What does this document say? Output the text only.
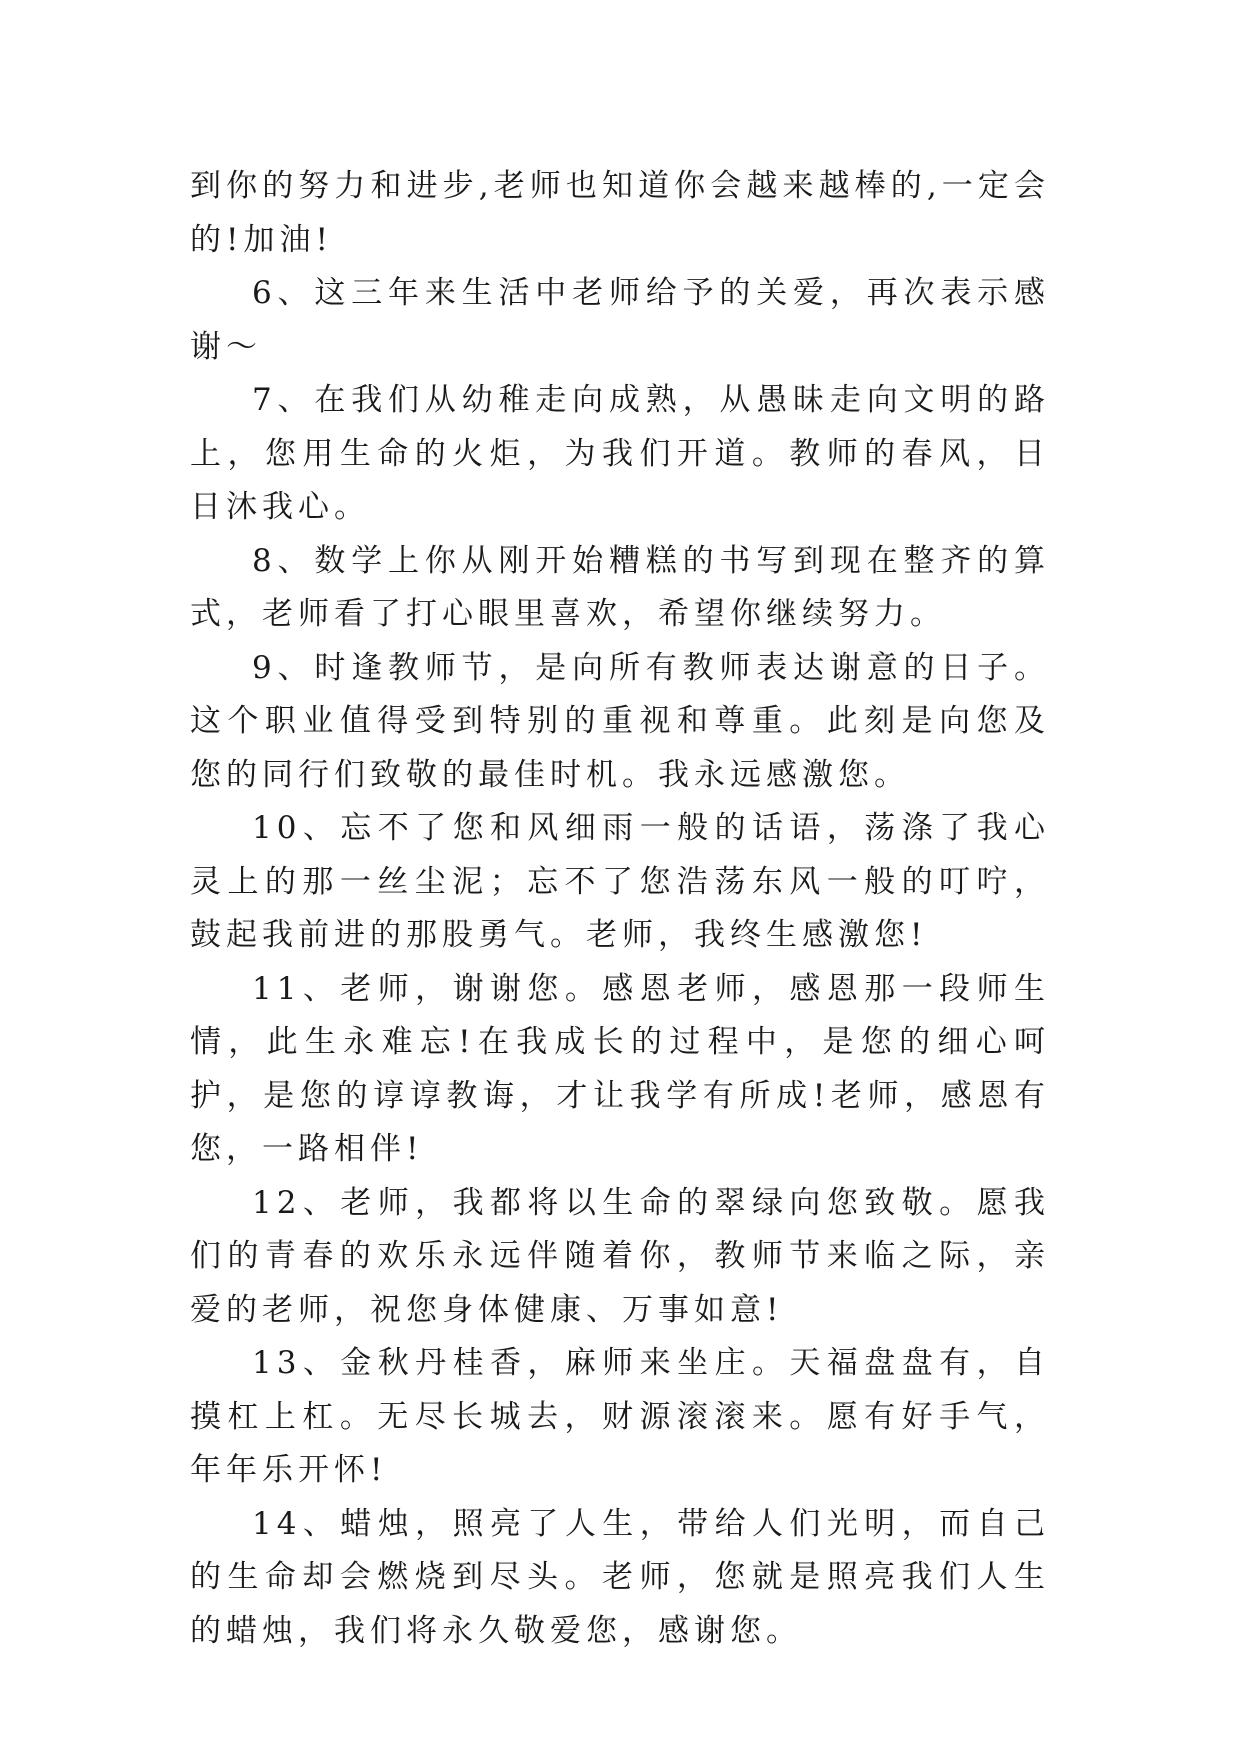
到你的努力和进步,老师也知道你会越来越棒的,一定会的!加油!

6、这三年来生活中老师给予的关爱，再次表示感谢～

7、在我们从幼稚走向成熟，从愚昧走向文明的路上，您用生命的火炬，为我们开道。教师的春风，日日沐我心。

8、数学上你从刚开始糟糕的书写到现在整齐的算式，老师看了打心眼里喜欢，希望你继续努力。

9、时逢教师节，是向所有教师表达谢意的日子。这个职业值得受到特别的重视和尊重。此刻是向您及您的同行们致敬的最佳时机。我永远感激您。

10、忘不了您和风细雨一般的话语，荡涤了我心灵上的那一丝尘泥；忘不了您浩荡东风一般的叮咛，鼓起我前进的那股勇气。老师，我终生感激您!

11、老师，谢谢您。感恩老师，感恩那一段师生情，此生永难忘!在我成长的过程中，是您的细心呵护，是您的谆谆教诲，才让我学有所成!老师，感恩有您，一路相伴!

12、老师，我都将以生命的翠绿向您致敬。愿我们的青春的欢乐永远伴随着你，教师节来临之际，亲爱的老师，祝您身体健康、万事如意!

13、金秋丹桂香，麻师来坐庄。天福盘盘有，自摸杠上杠。无尽长城去，财源滚滚来。愿有好手气，年年乐开怀!

14、蜡烛，照亮了人生，带给人们光明，而自己的生命却会燃烧到尽头。老师，您就是照亮我们人生的蜡烛，我们将永久敬爱您，感谢您。
